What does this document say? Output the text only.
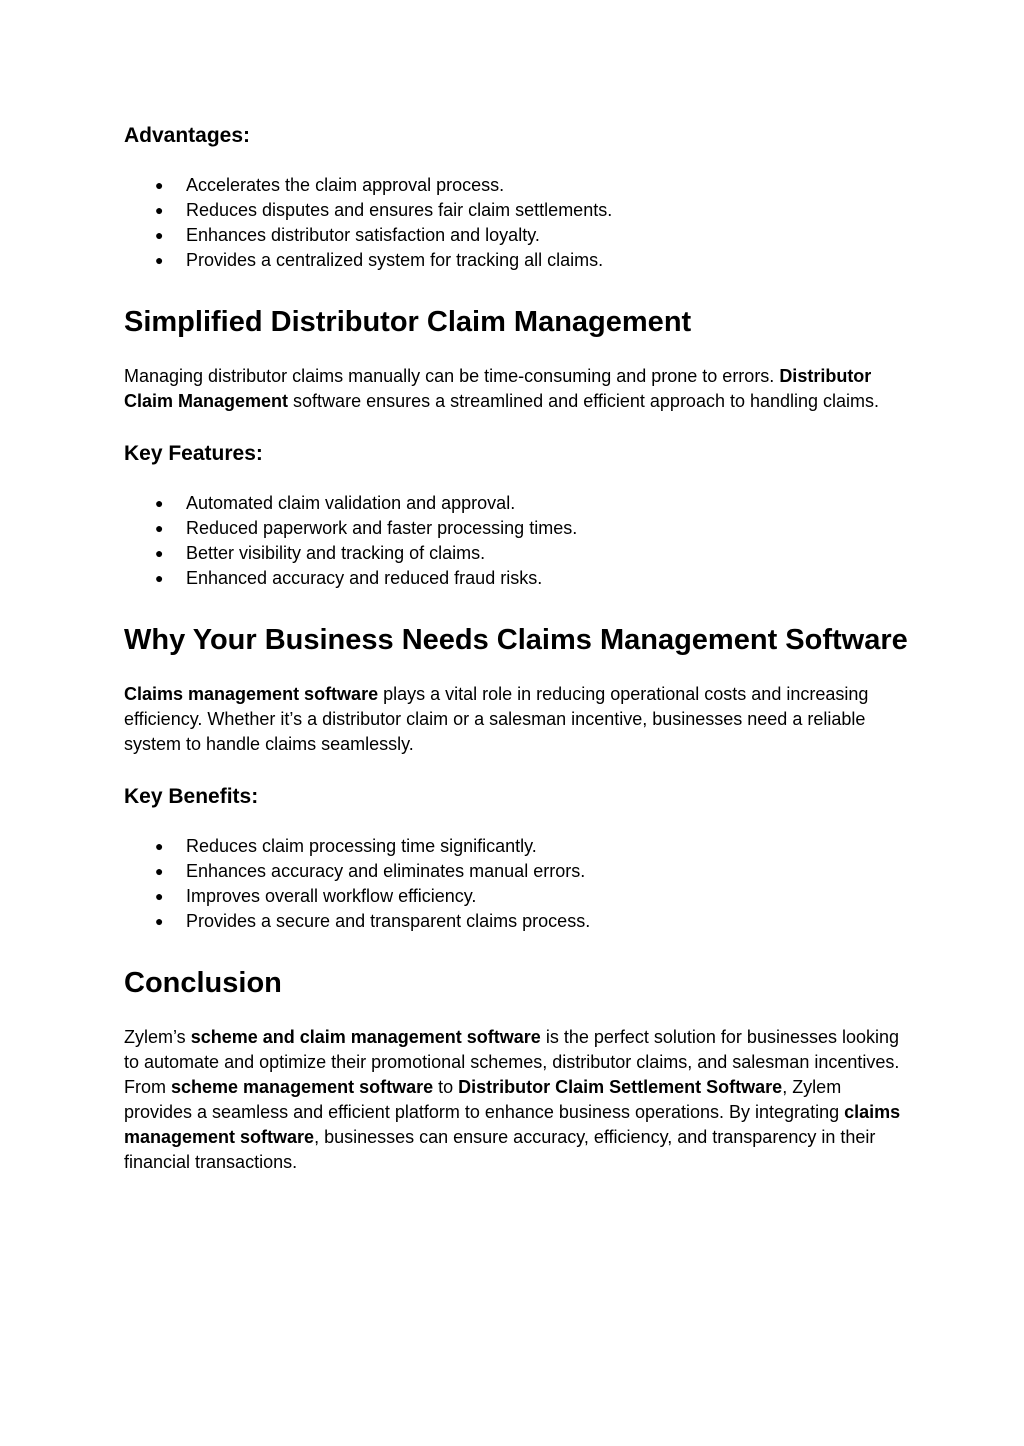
Advantages:
● Accelerates the claim approval process.
● Reduces disputes and ensures fair claim settlements.
● Enhances distributor satisfaction and loyalty.
● Provides a centralized system for tracking all claims.
Simplified Distributor Claim Management

Managing distributor claims manually can be time-consuming and prone to errors. Distributor Claim Management software ensures a streamlined and efficient approach to handling claims.

Key Features:
● Automated claim validation and approval.
● Reduced paperwork and faster processing times.
● Better visibility and tracking of claims.
● Enhanced accuracy and reduced fraud risks.
Why Your Business Needs Claims Management Software

Claims management software plays a vital role in reducing operational costs and increasing efficiency. Whether it’s a distributor claim or a salesman incentive, businesses need a reliable system to handle claims seamlessly.

Key Benefits:
● Reduces claim processing time significantly.
● Enhances accuracy and eliminates manual errors.
● Improves overall workflow efficiency.
● Provides a secure and transparent claims process.
Conclusion

Zylem’s scheme and claim management software is the perfect solution for businesses looking to automate and optimize their promotional schemes, distributor claims, and salesman incentives. From scheme management software to Distributor Claim Settlement Software, Zylem provides a seamless and efficient platform to enhance business operations. By integrating claims management software, businesses can ensure accuracy, efficiency, and transparency in their financial transactions.
